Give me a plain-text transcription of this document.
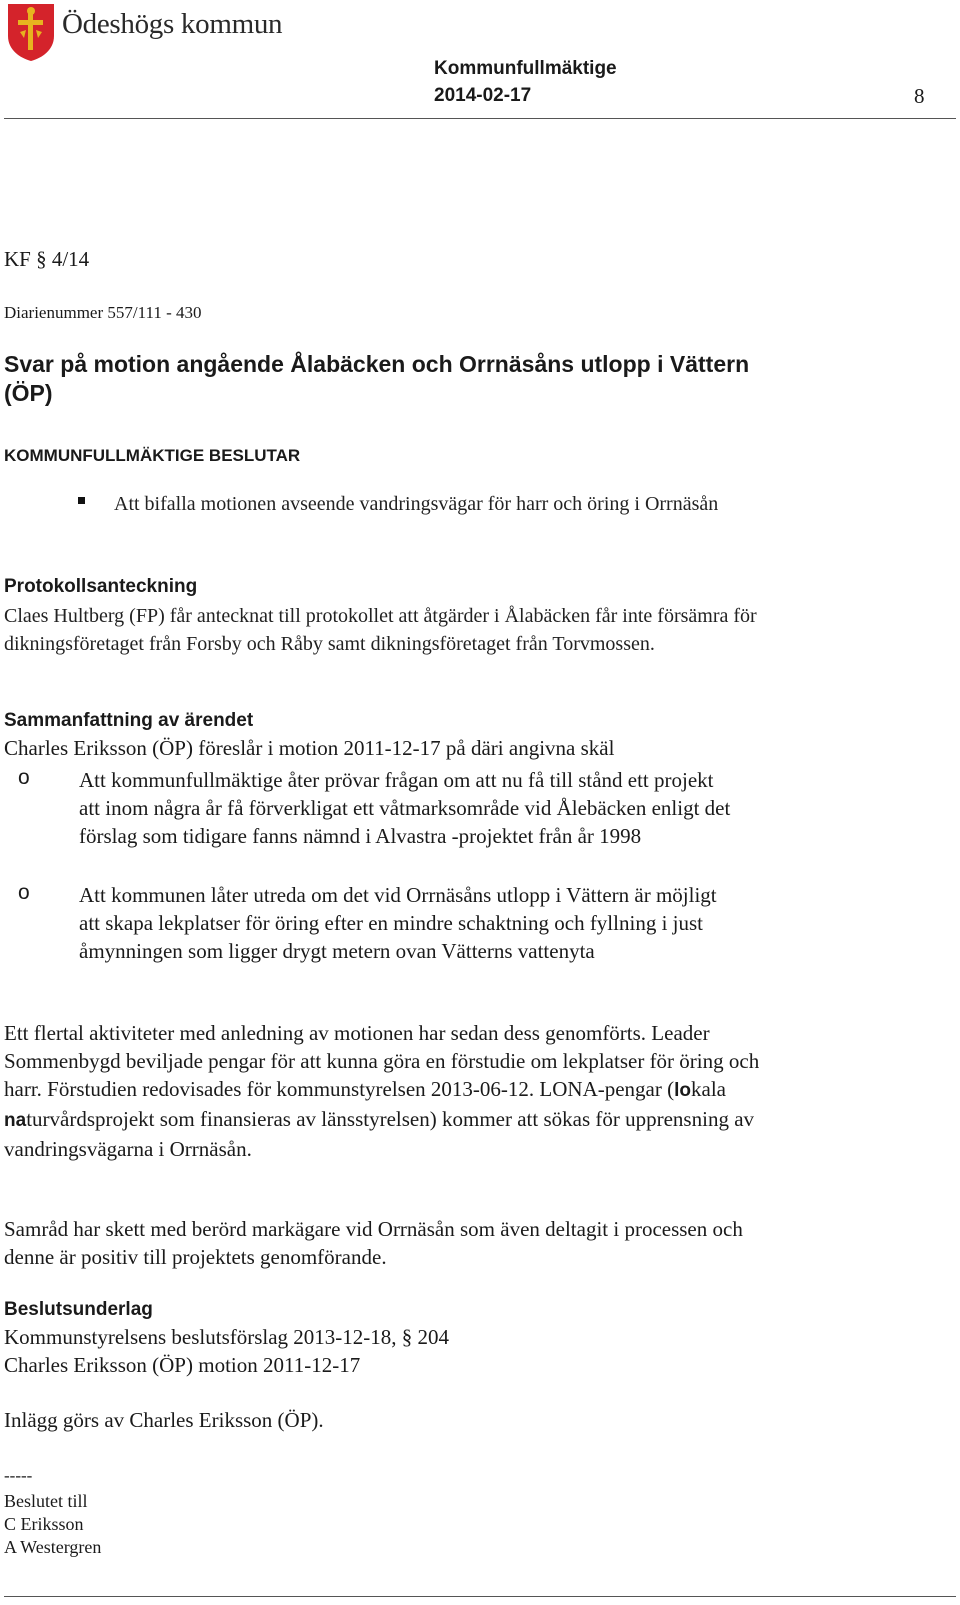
Ödeshögs kommun
Kommunfullmäktige
2014-02-17	8
KF § 4/14
Diarienummer 557/111 - 430
Svar på motion angående Ålabäcken och Orrnäsåns utlopp i Vättern (ÖP)
KOMMUNFULLMÄKTIGE BESLUTAR
Att bifalla motionen avseende vandringsvägar för harr och öring i Orrnäsån
Protokollsanteckning
Claes Hultberg (FP) får antecknat till protokollet att åtgärder i Ålabäcken får inte försämra för dikningsföretaget från Forsby och Råby samt dikningsföretaget från Torvmossen.
Sammanfattning av ärendet
Charles Eriksson (ÖP) föreslår i motion 2011-12-17 på däri angivna skäl
o Att kommunfullmäktige åter prövar frågan om att nu få till stånd ett projekt att inom några år få förverkligat ett våtmarksområde vid Ålebäcken enligt det förslag som tidigare fanns nämnd i Alvastra -projektet från år 1998
o Att kommunen låter utreda om det vid Orrnäsåns utlopp i Vättern är möjligt att skapa lekplatser för öring efter en mindre schaktning och fyllning i just åmynningen som ligger drygt metern ovan Vätterns vattenyta
Ett flertal aktiviteter med anledning av motionen har sedan dess genomförts. Leader Sommenbygd beviljade pengar för att kunna göra en förstudie om lekplatser för öring och harr. Förstudien redovisades för kommunstyrelsen 2013-06-12. LONA-pengar (lokala naturvårdsprojekt som finansieras av länsstyrelsen) kommer att sökas för upprensning av vandringsvägarna i Orrnäsån.
Samråd har skett med berörd markägare vid Orrnäsån som även deltagit i processen och denne är positiv till projektets genomförande.
Beslutsunderlag
Kommunstyrelsens beslutsförslag 2013-12-18, § 204
Charles Eriksson (ÖP) motion 2011-12-17
Inlägg görs av Charles Eriksson (ÖP).
-----
Beslutet till
C Eriksson
A Westergren
